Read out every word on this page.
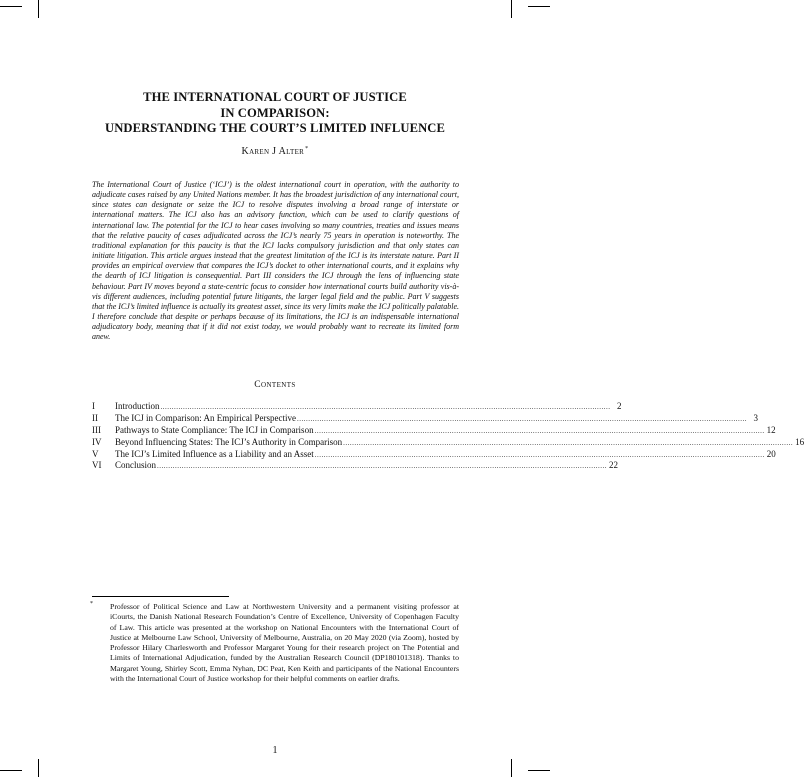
THE INTERNATIONAL COURT OF JUSTICE
IN COMPARISON:
UNDERSTANDING THE COURT’S LIMITED INFLUENCE
Karen J Alter*
The International Court of Justice (‘ICJ’) is the oldest international court in operation, with the authority to adjudicate cases raised by any United Nations member. It has the broadest jurisdiction of any international court, since states can designate or seize the ICJ to resolve disputes involving a broad range of interstate or international matters. The ICJ also has an advisory function, which can be used to clarify questions of international law. The potential for the ICJ to hear cases involving so many countries, treaties and issues means that the relative paucity of cases adjudicated across the ICJ’s nearly 75 years in operation is noteworthy. The traditional explanation for this paucity is that the ICJ lacks compulsory jurisdiction and that only states can initiate litigation. This article argues instead that the greatest limitation of the ICJ is its interstate nature. Part II provides an empirical overview that compares the ICJ’s docket to other international courts, and it explains why the dearth of ICJ litigation is consequential. Part III considers the ICJ through the lens of influencing state behaviour. Part IV moves beyond a state-centric focus to consider how international courts build authority vis-à-vis different audiences, including potential future litigants, the larger legal field and the public. Part V suggests that the ICJ’s limited influence is actually its greatest asset, since its very limits make the ICJ politically palatable. I therefore conclude that despite or perhaps because of its limitations, the ICJ is an indispensable international adjudicatory body, meaning that if it did not exist today, we would probably want to recreate its limited form anew.
Contents
I	Introduction ........................................................................................................................................................................................................ 2
II	The ICJ in Comparison: An Empirical Perspective ........................................................................................................................................................................................................ 3
III	Pathways to State Compliance: The ICJ in Comparison ........................................................................................................................................................................................................ 12
IV	Beyond Influencing States: The ICJ’s Authority in Comparison ........................................................................................................................................................................................................ 16
V	The ICJ’s Limited Influence as a Liability and an Asset ........................................................................................................................................................................................................ 20
VI	Conclusion ........................................................................................................................................................................................................ 22
*	Professor of Political Science and Law at Northwestern University and a permanent visiting professor at iCourts, the Danish National Research Foundation’s Centre of Excellence, University of Copenhagen Faculty of Law. This article was presented at the workshop on National Encounters with the International Court of Justice at Melbourne Law School, University of Melbourne, Australia, on 20 May 2020 (via Zoom), hosted by Professor Hilary Charlesworth and Professor Margaret Young for their research project on The Potential and Limits of International Adjudication, funded by the Australian Research Council (DP180101318). Thanks to Margaret Young, Shirley Scott, Emma Nyhan, DC Peat, Ken Keith and participants of the National Encounters with the International Court of Justice workshop for their helpful comments on earlier drafts.
1
